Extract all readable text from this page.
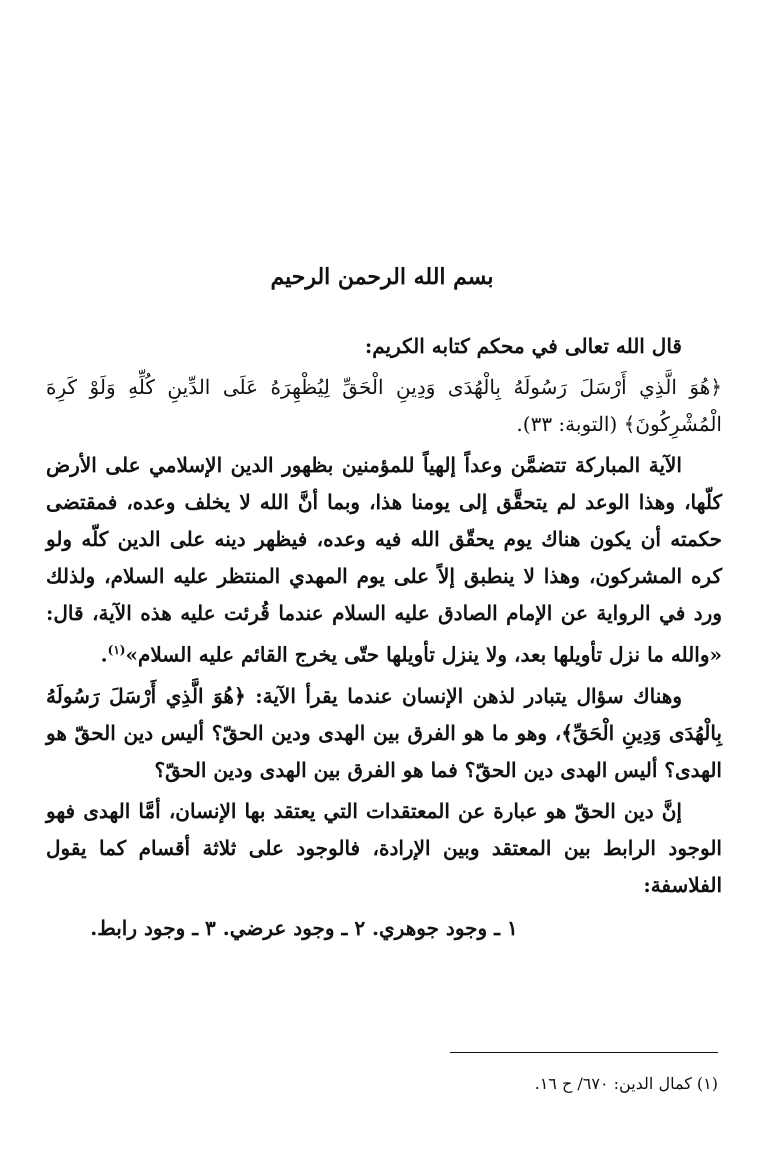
بسم الله الرحمن الرحيم

قال الله تعالى في محكم كتابه الكريم:

﴿هُوَ الَّذِي أَرْسَلَ رَسُولَهُ بِالْهُدَى وَدِينِ الْحَقِّ لِيُظْهِرَهُ عَلَى الدِّينِ كُلِّهِ وَلَوْ كَرِهَ الْمُشْرِكُونَ﴾ (التوبة: ٣٣).

الآية المباركة تتضمَّن وعداً إلهياً للمؤمنين بظهور الدين الإسلامي على الأرض كلّها، وهذا الوعد لم يتحقَّق إلى يومنا هذا، وبما أنَّ الله لا يخلف وعده، فمقتضى حكمته أن يكون هناك يوم يحقّق الله فيه وعده، فيظهر دينه على الدين كلّه ولو كره المشركون، وهذا لا ينطبق إلاً على يوم المهدي المنتظر عليه السلام، ولذلك ورد في الرواية عن الإمام الصادق عليه السلام عندما قُرئت عليه هذه الآية، قال: «والله ما نزل تأويلها بعد، ولا ينزل تأويلها حتّى يخرج القائم عليه السلام»$^{(١)}$.

وهناك سؤال يتبادر لذهن الإنسان عندما يقرأ الآية: ﴿هُوَ الَّذِي أَرْسَلَ رَسُولَهُ بِالْهُدَى وَدِينِ الْحَقِّ﴾، وهو ما هو الفرق بين الهدى ودين الحقّ؟ أليس دين الحقّ هو الهدى؟ أليس الهدى دين الحقّ؟ فما هو الفرق بين الهدى ودين الحقّ؟

إنَّ دين الحقّ هو عبارة عن المعتقدات التي يعتقد بها الإنسان، أمَّا الهدى فهو الوجود الرابط بين المعتقد وبين الإرادة، فالوجود على ثلاثة أقسام كما يقول الفلاسفة:

١ ـ وجود جوهري. ٢ ـ وجود عرضي. ٣ ـ وجود رابط.

(١) كمال الدين: ٦٧٠/ ح ١٦.
